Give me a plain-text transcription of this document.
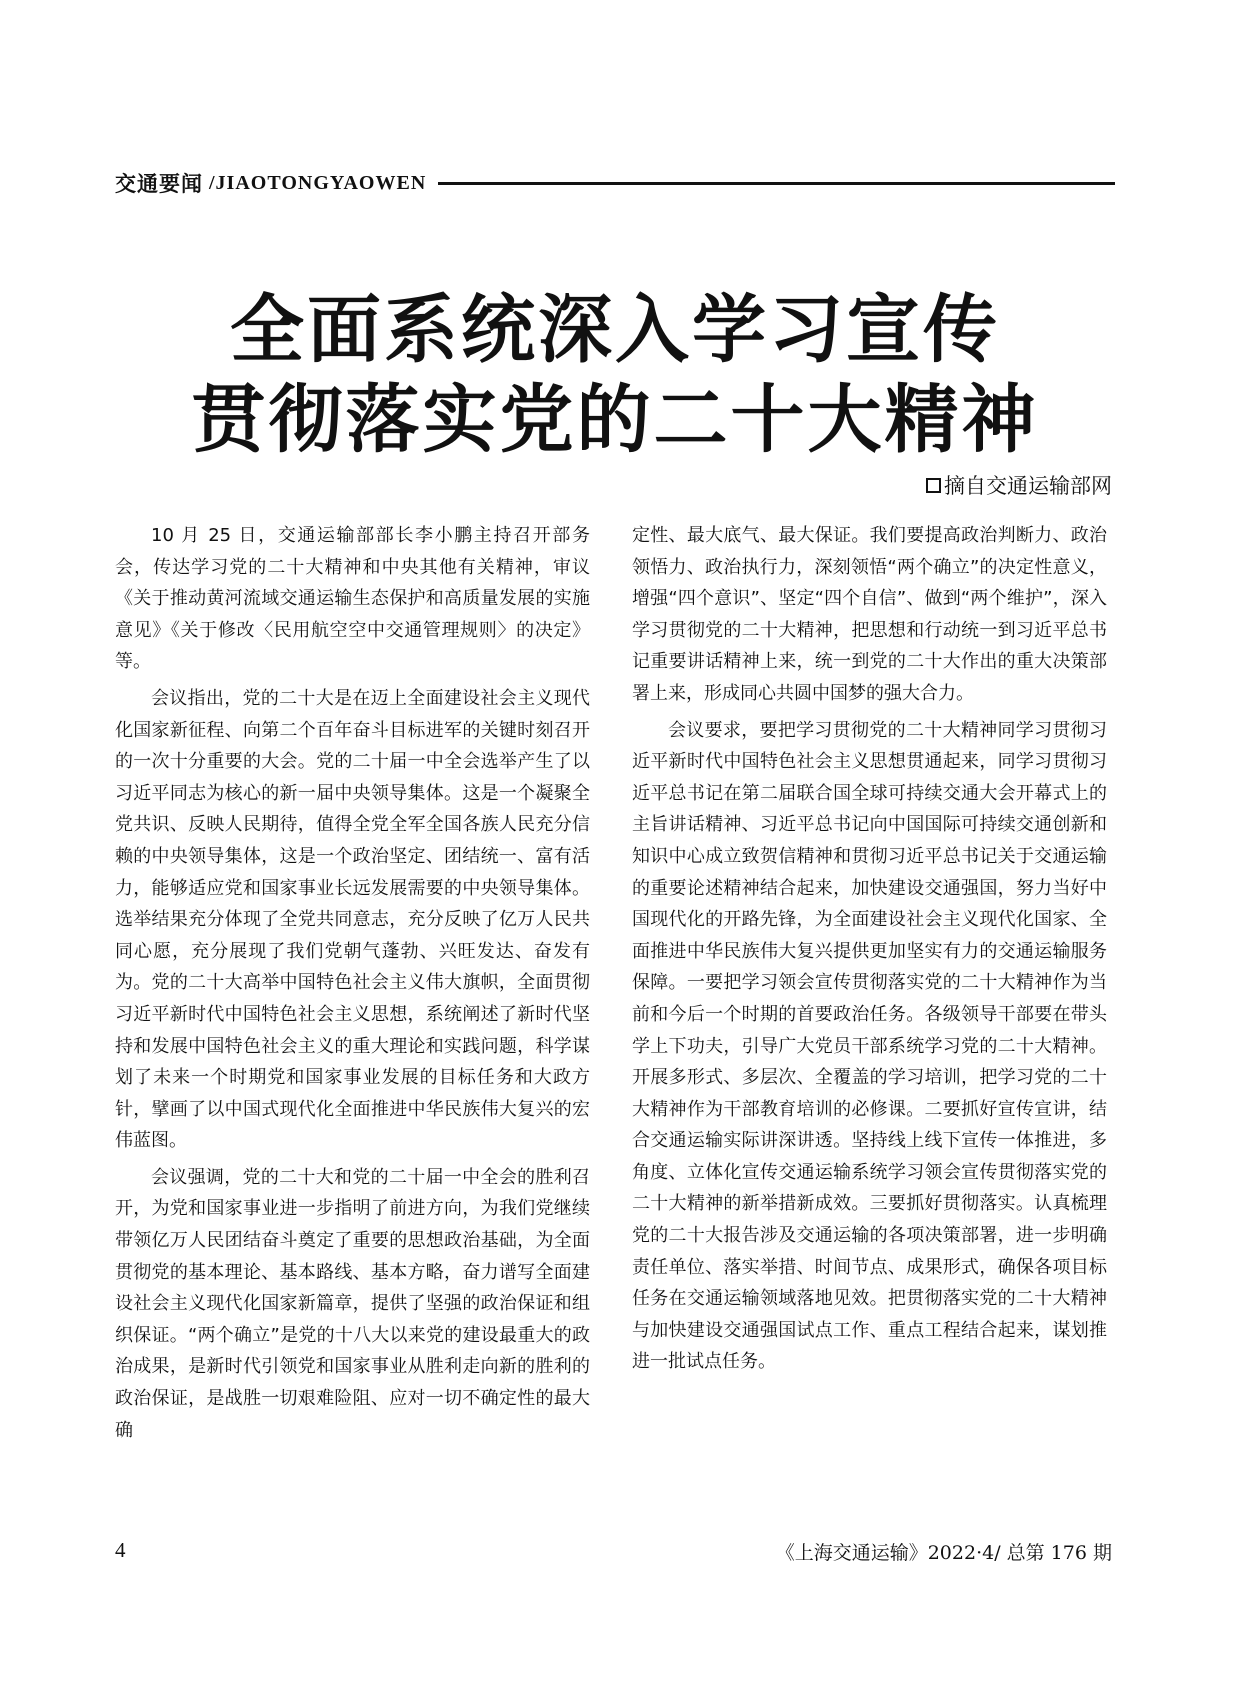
交通要闻 /JIAOTONGYAOWEN
全面系统深入学习宣传
贯彻落实党的二十大精神
摘自交通运输部网

10 月 25 日，交通运输部部长李小鹏主持召开部务会，传达学习党的二十大精神和中央其他有关精神，审议《关于推动黄河流域交通运输生态保护和高质量发展的实施意见》《关于修改〈民用航空空中交通管理规则〉的决定》等。

会议指出，党的二十大是在迈上全面建设社会主义现代化国家新征程、向第二个百年奋斗目标进军的关键时刻召开的一次十分重要的大会。党的二十届一中全会选举产生了以习近平同志为核心的新一届中央领导集体。这是一个凝聚全党共识、反映人民期待，值得全党全军全国各族人民充分信赖的中央领导集体，这是一个政治坚定、团结统一、富有活力，能够适应党和国家事业长远发展需要的中央领导集体。选举结果充分体现了全党共同意志，充分反映了亿万人民共同心愿，充分展现了我们党朝气蓬勃、兴旺发达、奋发有为。党的二十大高举中国特色社会主义伟大旗帜，全面贯彻习近平新时代中国特色社会主义思想，系统阐述了新时代坚持和发展中国特色社会主义的重大理论和实践问题，科学谋划了未来一个时期党和国家事业发展的目标任务和大政方针，擘画了以中国式现代化全面推进中华民族伟大复兴的宏伟蓝图。

会议强调，党的二十大和党的二十届一中全会的胜利召开，为党和国家事业进一步指明了前进方向，为我们党继续带领亿万人民团结奋斗奠定了重要的思想政治基础，为全面贯彻党的基本理论、基本路线、基本方略，奋力谱写全面建设社会主义现代化国家新篇章，提供了坚强的政治保证和组织保证。“两个确立”是党的十八大以来党的建设最重大的政治成果，是新时代引领党和国家事业从胜利走向新的胜利的政治保证，是战胜一切艰难险阻、应对一切不确定性的最大确

定性、最大底气、最大保证。我们要提高政治判断力、政治领悟力、政治执行力，深刻领悟“两个确立”的决定性意义，增强“四个意识”、坚定“四个自信”、做到“两个维护”，深入学习贯彻党的二十大精神，把思想和行动统一到习近平总书记重要讲话精神上来，统一到党的二十大作出的重大决策部署上来，形成同心共圆中国梦的强大合力。

会议要求，要把学习贯彻党的二十大精神同学习贯彻习近平新时代中国特色社会主义思想贯通起来，同学习贯彻习近平总书记在第二届联合国全球可持续交通大会开幕式上的主旨讲话精神、习近平总书记向中国国际可持续交通创新和知识中心成立致贺信精神和贯彻习近平总书记关于交通运输的重要论述精神结合起来，加快建设交通强国，努力当好中国现代化的开路先锋，为全面建设社会主义现代化国家、全面推进中华民族伟大复兴提供更加坚实有力的交通运输服务保障。一要把学习领会宣传贯彻落实党的二十大精神作为当前和今后一个时期的首要政治任务。各级领导干部要在带头学上下功夫，引导广大党员干部系统学习党的二十大精神。开展多形式、多层次、全覆盖的学习培训，把学习党的二十大精神作为干部教育培训的必修课。二要抓好宣传宣讲，结合交通运输实际讲深讲透。坚持线上线下宣传一体推进，多角度、立体化宣传交通运输系统学习领会宣传贯彻落实党的二十大精神的新举措新成效。三要抓好贯彻落实。认真梳理党的二十大报告涉及交通运输的各项决策部署，进一步明确责任单位、落实举措、时间节点、成果形式，确保各项目标任务在交通运输领域落地见效。把贯彻落实党的二十大精神与加快建设交通强国试点工作、重点工程结合起来，谋划推进一批试点任务。

4	《上海交通运输》2022·4/ 总第 176 期
